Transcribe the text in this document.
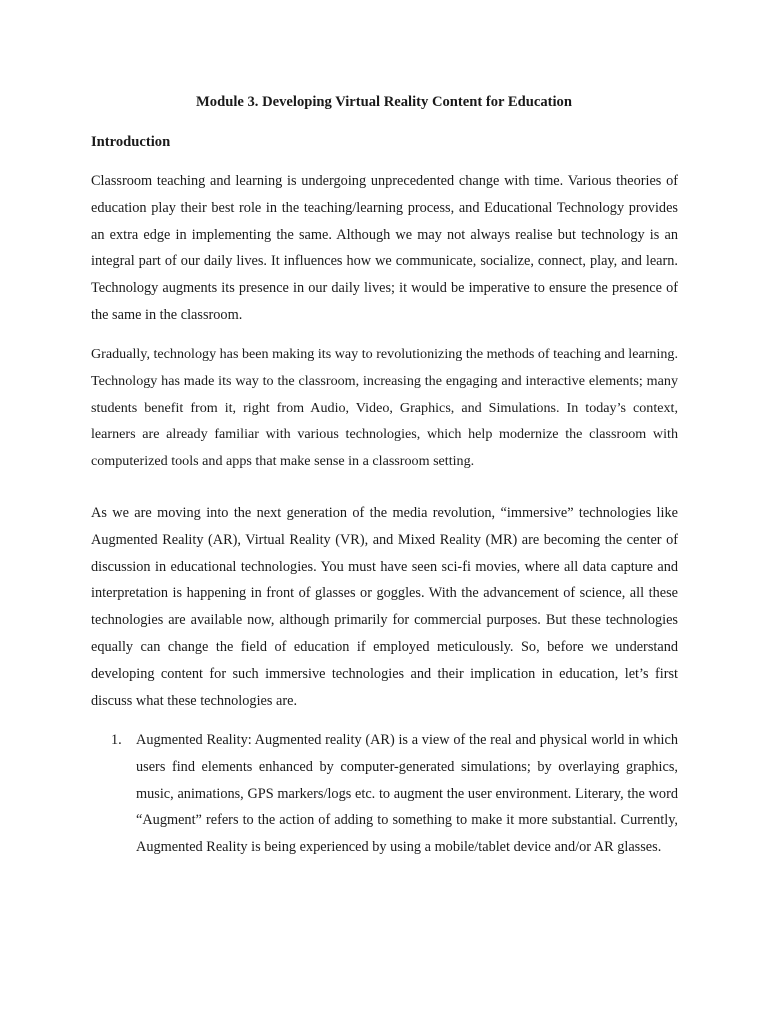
Module 3. Developing Virtual Reality Content for Education
Introduction

Classroom teaching and learning is undergoing unprecedented change with time. Various theories of education play their best role in the teaching/learning process, and Educational Technology provides an extra edge in implementing the same. Although we may not always realise but technology is an integral part of our daily lives. It influences how we communicate, socialize, connect, play, and learn. Technology augments its presence in our daily lives; it would be imperative to ensure the presence of the same in the classroom.

Gradually, technology has been making its way to revolutionizing the methods of teaching and learning. Technology has made its way to the classroom, increasing the engaging and interactive elements; many students benefit from it, right from Audio, Video, Graphics, and Simulations. In today’s context, learners are already familiar with various technologies, which help modernize the classroom with computerized tools and apps that make sense in a classroom setting.

As we are moving into the next generation of the media revolution, “immersive” technologies like Augmented Reality (AR), Virtual Reality (VR), and Mixed Reality (MR) are becoming the center of discussion in educational technologies. You must have seen sci-fi movies, where all data capture and interpretation is happening in front of glasses or goggles. With the advancement of science, all these technologies are available now, although primarily for commercial purposes. But these technologies equally can change the field of education if employed meticulously. So, before we understand developing content for such immersive technologies and their implication in education, let’s first discuss what these technologies are.

1. Augmented Reality: Augmented reality (AR) is a view of the real and physical world in which users find elements enhanced by computer-generated simulations; by overlaying graphics, music, animations, GPS markers/logs etc. to augment the user environment. Literary, the word “Augment” refers to the action of adding to something to make it more substantial. Currently, Augmented Reality is being experienced by using a mobile/tablet device and/or AR glasses.
